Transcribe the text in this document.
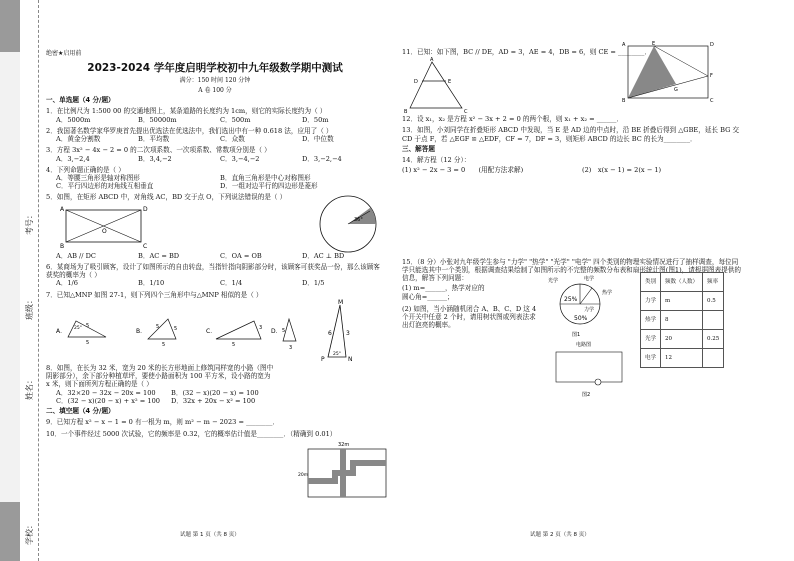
学校：
姓名：
班级：
考号：
绝密★启用前
2023-2024 学年度启明学校初中九年级数学期中测试
满分：150 时间 120 分钟
A 卷 100 分
一、单选题（4 分/题）
1．在比例尺为 1:500 00 的交通地图上，某条道路的长度约为 1cm，则它的实际长度约为（ ）
A．5000m	B．50000m	C．500m	D．50m
2．我国著名数学家华罗庚首先提出优选法在优选法中，我们选出中有一种 0.618 法，应用了（ ）
A．黄金分割数	B．平均数	C．众数	D．中位数
3．方程 3x² − 4x − 2 = 0 的二次项系数、一次项系数、常数项分别是（ ）
A．3,−2,4	B．3,4,−2	C．3,−4,−2	D．3,−2,−4
4．下列命题正确的是（ ）
A．等腰三角形是轴对称图形	B．直角三角形是中心对称图形
C．平行四边形的对角线互相垂直	D．一组对边平行的四边形是菱形
5．如图，在矩形 ABCD 中，对角线 AC，BD 交于点 O，下列说法错误的是（ ）
A	D
B	C
O
36°
A．AB // DC	B．AC = BD	C．OA = OB	D．AC ⊥ BD
6．某商场为了吸引顾客，设计了如图所示的自由转盘，当指针指向阴影部分时，该顾客可获奖品一份，那么该顾客获奖的概率为（ ）
A．1/6	B．1/10	C．1/4	D．1/5
7．已知△MNP 如图 27-1，则下列四个三角形中与△MNP 相似的是（ ）
A．
5
25°
5
B．
5	5
5
C．
5
3 D． 5
3
M
N
P
6 3
25°
8．如图，在长为 32 米，宽为 20 米的长方形地面上修筑同样宽的小路（图中阴影部分），余下部分种植草坪，要使小路面积为 100 平方米，设小路的宽为 x 米，则下面所列方程正确的是（ ）
A．32×20 − 32x − 20x = 100	B．(32 − x)(20 − x) = 100
C．(32 − x)(20 − x) + x² = 100	D．32x + 20x − x² = 100
32m
20m
二、填空题（4 分/题）
9．已知方程 x² − x − 1 = 0 有一根为 m，则 m² − m − 2023 = ________．
10．一个事件经过 5000 次试验，它的频率是 0.32，它的概率估计值是________．（精确到 0.01）
试题 第 1 页（共 8 页）
11．已知：如下图，BC // DE，AD = 3，AE = 4，DB = 6，则 CE = ________．
A
D	E
B	C
A	E	D
G
F
B	C
12．设 x₁，x₂ 是方程 x² − 3x + 2 = 0 的两个根，则 x₁ + x₂ = ______．
13．如图，小刘同学在折叠矩形 ABCD 中发现，当 E 是 AD 边的中点时，沿 BE 折叠后得到 △GBE，延长 BG 交 CD 于点 F，若 △EGF ≌ △EDF，CF = 7，DF = 3，则矩形 ABCD 的边长 BC 的长为________．
三、解答题
14．解方程（12 分）：
(1) x² − 2x − 3 = 0　　(用配方法求解)	(2)　x(x − 1) = 2(x − 1)
15．（8 分）小张对九年级学生参与 "力学" "热学" "光学" "电学" 四个类别的物理实验情况进行了抽样调查，每位同学只能选其中一个类别，根据调查结果绘制了如图所示的不完整的频数分布表和扇形统计图(图1)，请根据图表提供的信息，解答下列问题：
(1) m=______，热学对应的
圆心角=______；
(2) 如图，当小涵随机闭合 A、B、C、D 这 4 个开关中任意 2 个时，请用树状图或列表法求出灯泡亮的概率。
光学	电学
热学
力学
25%
50%
图1
电路图
图2
类别	频数（人数）	频率
力学	m	0.5
热学	8	
光学	20	0.25
电学	12	
试题 第 2 页（共 8 页）
